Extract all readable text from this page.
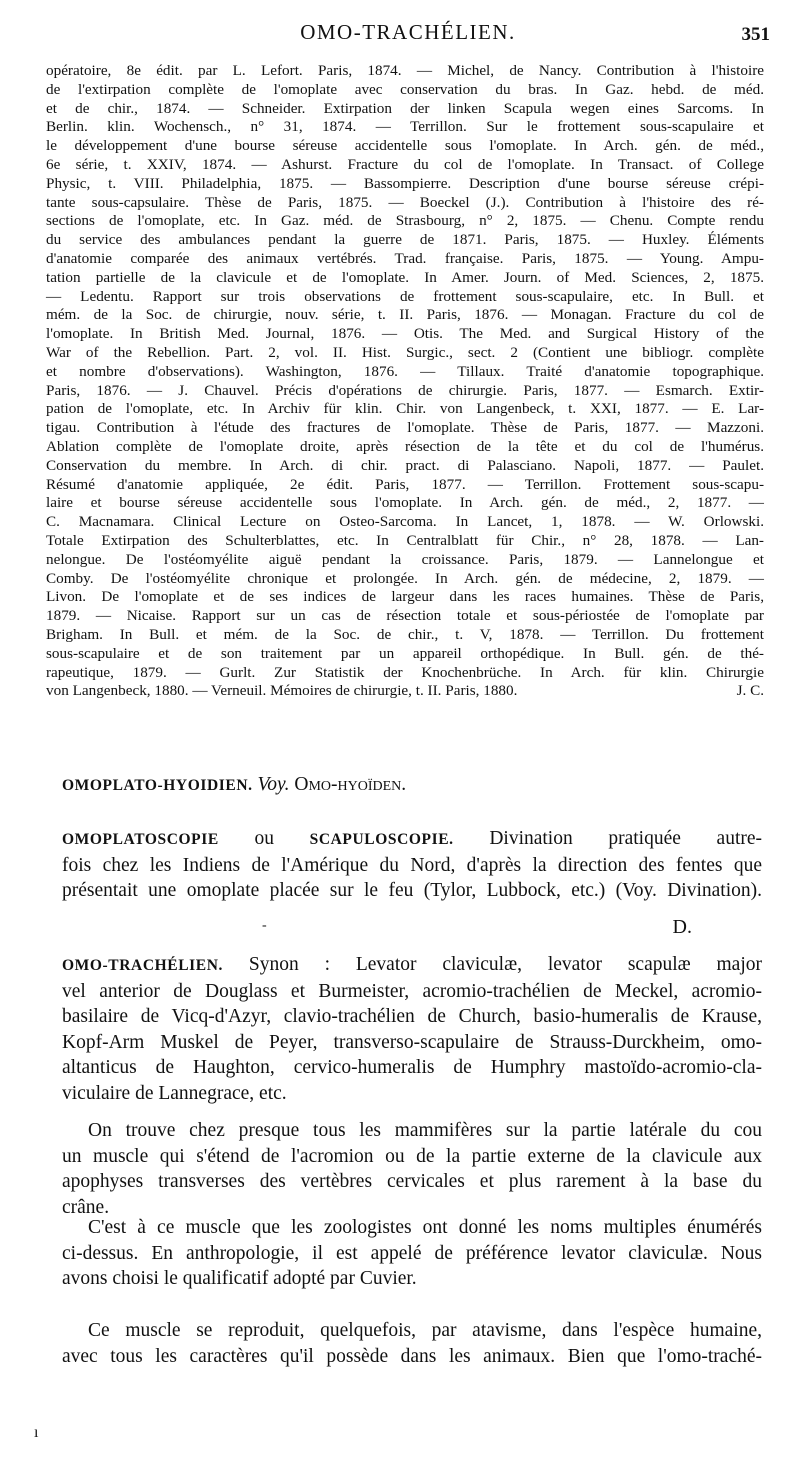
OMO-TRACHÉLIEN.	351
opératoire, 8e édit. par L. Lefort. Paris, 1874. — Michel, de Nancy. Contribution à l'histoire
de l'extirpation complète de l'omoplate avec conservation du bras. In Gaz. hebd. de méd.
et de chir., 1874. — Schneider. Extirpation der linken Scapula wegen eines Sarcoms. In
Berlin. klin. Wochensch., n° 31, 1874. — Terrillon. Sur le frottement sous-scapulaire et
le développement d'une bourse séreuse accidentelle sous l'omoplate. In Arch. gén. de méd.,
6e série, t. XXIV, 1874. — Ashurst. Fracture du col de l'omoplate. In Transact. of College
Physic, t. VIII. Philadelphia, 1875. — Bassompierre. Description d'une bourse séreuse crépi-
tante sous-capsulaire. Thèse de Paris, 1875. — Boeckel (J.). Contribution à l'histoire des ré-
sections de l'omoplate, etc. In Gaz. méd. de Strasbourg, n° 2, 1875. — Chenu. Compte rendu
du service des ambulances pendant la guerre de 1871. Paris, 1875. — Huxley. Éléments
d'anatomie comparée des animaux vertébrés. Trad. française. Paris, 1875. — Young. Ampu-
tation partielle de la clavicule et de l'omoplate. In Amer. Journ. of Med. Sciences, 2, 1875.
— Ledentu. Rapport sur trois observations de frottement sous-scapulaire, etc. In Bull. et
mém. de la Soc. de chirurgie, nouv. série, t. II. Paris, 1876. — Monagan. Fracture du col de
l'omoplate. In British Med. Journal, 1876. — Otis. The Med. and Surgical History of the
War of the Rebellion. Part. 2, vol. II. Hist. Surgic., sect. 2 (Contient une bibliogr. complète
et nombre d'observations). Washington, 1876. — Tillaux. Traité d'anatomie topographique.
Paris, 1876. — J. Chauvel. Précis d'opérations de chirurgie. Paris, 1877. — Esmarch. Extir-
pation de l'omoplate, etc. In Archiv für klin. Chir. von Langenbeck, t. XXI, 1877. — E. Lar-
tigau. Contribution à l'étude des fractures de l'omoplate. Thèse de Paris, 1877. — Mazzoni.
Ablation complète de l'omoplate droite, après résection de la tête et du col de l'humérus.
Conservation du membre. In Arch. di chir. pract. di Palasciano. Napoli, 1877. — Paulet.
Résumé d'anatomie appliquée, 2e édit. Paris, 1877. — Terrillon. Frottement sous-scapu-
laire et bourse séreuse accidentelle sous l'omoplate. In Arch. gén. de méd., 2, 1877. —
C. Macnamara. Clinical Lecture on Osteo-Sarcoma. In Lancet, 1, 1878. — W. Orlowski.
Totale Extirpation des Schulterblattes, etc. In Centralblatt für Chir., n° 28, 1878. — Lan-
nelongue. De l'ostéomyélite aiguë pendant la croissance. Paris, 1879. — Lannelongue et
Comby. De l'ostéomyélite chronique et prolongée. In Arch. gén. de médecine, 2, 1879. —
Livon. De l'omoplate et de ses indices de largeur dans les races humaines. Thèse de Paris,
1879. — Nicaise. Rapport sur un cas de résection totale et sous-périostée de l'omoplate par
Brigham. In Bull. et mém. de la Soc. de chir., t. V, 1878. — Terrillon. Du frottement
sous-scapulaire et de son traitement par un appareil orthopédique. In Bull. gén. de thé-
rapeutique, 1879. — Gurlt. Zur Statistik der Knochenbrüche. In Arch. für klin. Chirurgie
von Langenbeck, 1880. — Verneuil. Mémoires de chirurgie, t. II. Paris, 1880.	J. C.
OMOPLATO-HYOIDIEN. Voy. Omo-hyoïden.
OMOPLATOSCOPIE ou SCAPULOSCOPIE. Divination pratiquée autre-
fois chez les Indiens de l'Amérique du Nord, d'après la direction des fentes que
présentait une omoplate placée sur le feu (Tylor, Lubbock, etc.) (Voy. Divination).
-	D.
OMO-TRACHÉLIEN. Synon : Levator claviculæ, levator scapulæ major
vel anterior de Douglass et Burmeister, acromio-trachélien de Meckel, acromio-
basilaire de Vicq-d'Azyr, clavio-trachélien de Church, basio-humeralis de Krause,
Kopf-Arm Muskel de Peyer, transverso-scapulaire de Strauss-Durckheim, omo-
altanticus de Haughton, cervico-humeralis de Humphry mastoïdo-acromio-cla-
viculaire de Lannegrace, etc.
On trouve chez presque tous les mammifères sur la partie latérale du cou
un muscle qui s'étend de l'acromion ou de la partie externe de la clavicule aux
apophyses transverses des vertèbres cervicales et plus rarement à la base du
crâne.
C'est à ce muscle que les zoologistes ont donné les noms multiples énumérés
ci-dessus. En anthropologie, il est appelé de préférence levator claviculæ. Nous
avons choisi le qualificatif adopté par Cuvier.
Ce muscle se reproduit, quelquefois, par atavisme, dans l'espèce humaine,
avec tous les caractères qu'il possède dans les animaux. Bien que l'omo-traché-
ı
